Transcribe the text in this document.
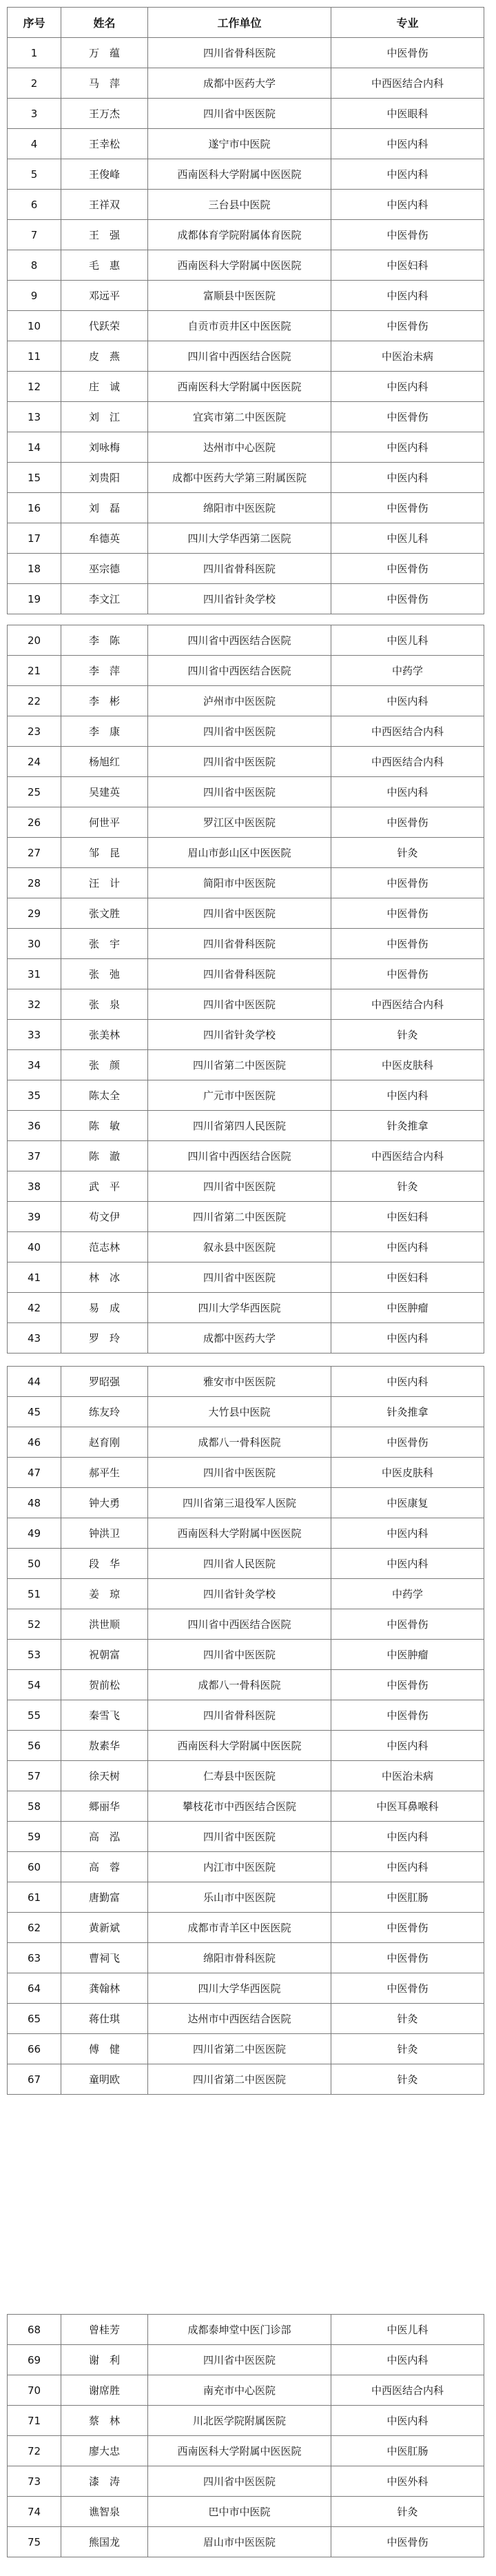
序号	姓名	工作单位	专业
1	万　蕴	四川省骨科医院	中医骨伤
2	马　萍	成都中医药大学	中西医结合内科
3	王万杰	四川省中医医院	中医眼科
4	王幸松	遂宁市中医院	中医内科
5	王俊峰	西南医科大学附属中医医院	中医内科
6	王祥双	三台县中医院	中医内科
7	王　强	成都体育学院附属体育医院	中医骨伤
8	毛　惠	西南医科大学附属中医医院	中医妇科
9	邓远平	富顺县中医医院	中医内科
10	代跃荣	自贡市贡井区中医医院	中医骨伤
11	皮　燕	四川省中西医结合医院	中医治未病
12	庄　诚	西南医科大学附属中医医院	中医内科
13	刘　江	宜宾市第二中医医院	中医骨伤
14	刘咏梅	达州市中心医院	中医内科
15	刘贵阳	成都中医药大学第三附属医院	中医内科
16	刘　磊	绵阳市中医医院	中医骨伤
17	牟德英	四川大学华西第二医院	中医儿科
18	巫宗德	四川省骨科医院	中医骨伤
19	李文江	四川省针灸学校	中医骨伤
20	李　陈	四川省中西医结合医院	中医儿科
21	李　萍	四川省中西医结合医院	中药学
22	李　彬	泸州市中医医院	中医内科
23	李　康	四川省中医医院	中西医结合内科
24	杨旭红	四川省中医医院	中西医结合内科
25	吴建英	四川省中医医院	中医内科
26	何世平	罗江区中医医院	中医骨伤
27	邹　昆	眉山市彭山区中医医院	针灸
28	汪　计	简阳市中医医院	中医骨伤
29	张文胜	四川省中医医院	中医骨伤
30	张　宇	四川省骨科医院	中医骨伤
31	张　弛	四川省骨科医院	中医骨伤
32	张　泉	四川省中医医院	中西医结合内科
33	张美林	四川省针灸学校	针灸
34	张　颜	四川省第二中医医院	中医皮肤科
35	陈太全	广元市中医医院	中医内科
36	陈　敏	四川省第四人民医院	针灸推拿
37	陈　澈	四川省中西医结合医院	中西医结合内科
38	武　平	四川省中医医院	针灸
39	苟文伊	四川省第二中医医院	中医妇科
40	范志林	叙永县中医医院	中医内科
41	林　冰	四川省中医医院	中医妇科
42	易　成	四川大学华西医院	中医肿瘤
43	罗　玲	成都中医药大学	中医内科
44	罗昭强	雅安市中医医院	中医内科
45	练友玲	大竹县中医院	针灸推拿
46	赵育刚	成都八一骨科医院	中医骨伤
47	郝平生	四川省中医医院	中医皮肤科
48	钟大勇	四川省第三退役军人医院	中医康复
49	钟洪卫	西南医科大学附属中医医院	中医内科
50	段　华	四川省人民医院	中医内科
51	姜　琼	四川省针灸学校	中药学
52	洪世顺	四川省中西医结合医院	中医骨伤
53	祝朝富	四川省中医医院	中医肿瘤
54	贺前松	成都八一骨科医院	中医骨伤
55	秦雪飞	四川省骨科医院	中医骨伤
56	敖素华	西南医科大学附属中医医院	中医内科
57	徐天树	仁寿县中医医院	中医治未病
58	郷丽华	攀枝花市中西医结合医院	中医耳鼻喉科
59	高　泓	四川省中医医院	中医内科
60	高　蓉	内江市中医医院	中医内科
61	唐勤富	乐山市中医医院	中医肛肠
62	黄新斌	成都市青羊区中医医院	中医骨伤
63	曹祠飞	绵阳市骨科医院	中医骨伤
64	龚翰林	四川大学华西医院	中医骨伤
65	蒋仕琪	达州市中西医结合医院	针灸
66	傅　健	四川省第二中医医院	针灸
67	童明欧	四川省第二中医医院	针灸
68	曾桂芳	成都泰坤堂中医门诊部	中医儿科
69	谢　利	四川省中医医院	中医内科
70	谢席胜	南充市中心医院	中西医结合内科
71	蔡　林	川北医学院附属医院	中医内科
72	廖大忠	西南医科大学附属中医医院	中医肛肠
73	漆　涛	四川省中医医院	中医外科
74	谯智泉	巴中市中医院	针灸
75	熊国龙	眉山市中医医院	中医骨伤
